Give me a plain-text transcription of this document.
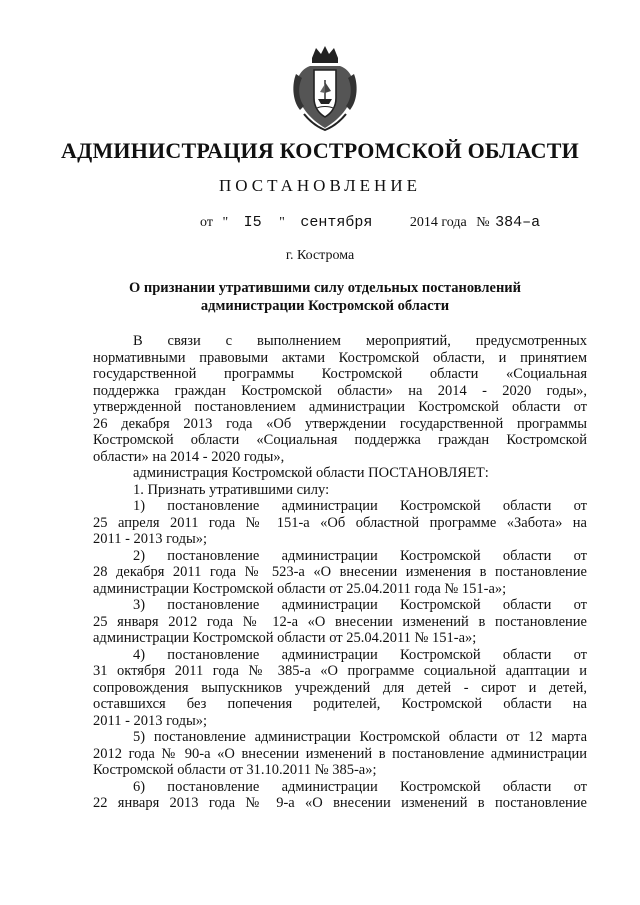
АДМИНИСТРАЦИЯ КОСТРОМСКОЙ ОБЛАСТИ
ПОСТАНОВЛЕНИЕ
от " I5 " сентября	2014 года № 384–а
г. Кострома
О признании утратившими силу отдельных постановлений
администрации Костромской области

В связи с выполнением мероприятий, предусмотренных

нормативными правовыми актами Костромской области, и принятием

государственной программы Костромской области «Социальная

поддержка граждан Костромской области» на 2014 - 2020 годы»,

утвержденной постановлением администрации Костромской области от

26 декабря 2013 года «Об утверждении государственной программы

Костромской области «Социальная поддержка граждан Костромской

области» на 2014 - 2020 годы»,

администрация Костромской области ПОСТАНОВЛЯЕТ:

1. Признать утратившими силу:

1) постановление администрации Костромской области от

25 апреля 2011 года № 151-а «Об областной программе «Забота» на

2011 - 2013 годы»;

2) постановление администрации Костромской области от

28 декабря 2011 года № 523-а «О внесении изменения в постановление

администрации Костромской области от 25.04.2011 года № 151-а»;

3) постановление администрации Костромской области от

25 января 2012 года № 12-а «О внесении изменений в постановление

администрации Костромской области от 25.04.2011 № 151-а»;

4) постановление администрации Костромской области от

31 октября 2011 года № 385-а «О программе социальной адаптации и

сопровождения выпускников учреждений для детей - сирот и детей,

оставшихся без попечения родителей, Костромской области на

2011 - 2013 годы»;

5) постановление администрации Костромской области от 12 марта

2012 года № 90-а «О внесении изменений в постановление администрации

Костромской области от 31.10.2011 № 385-а»;

6) постановление администрации Костромской области от

22 января 2013 года № 9-а «О внесении изменений в постановление
